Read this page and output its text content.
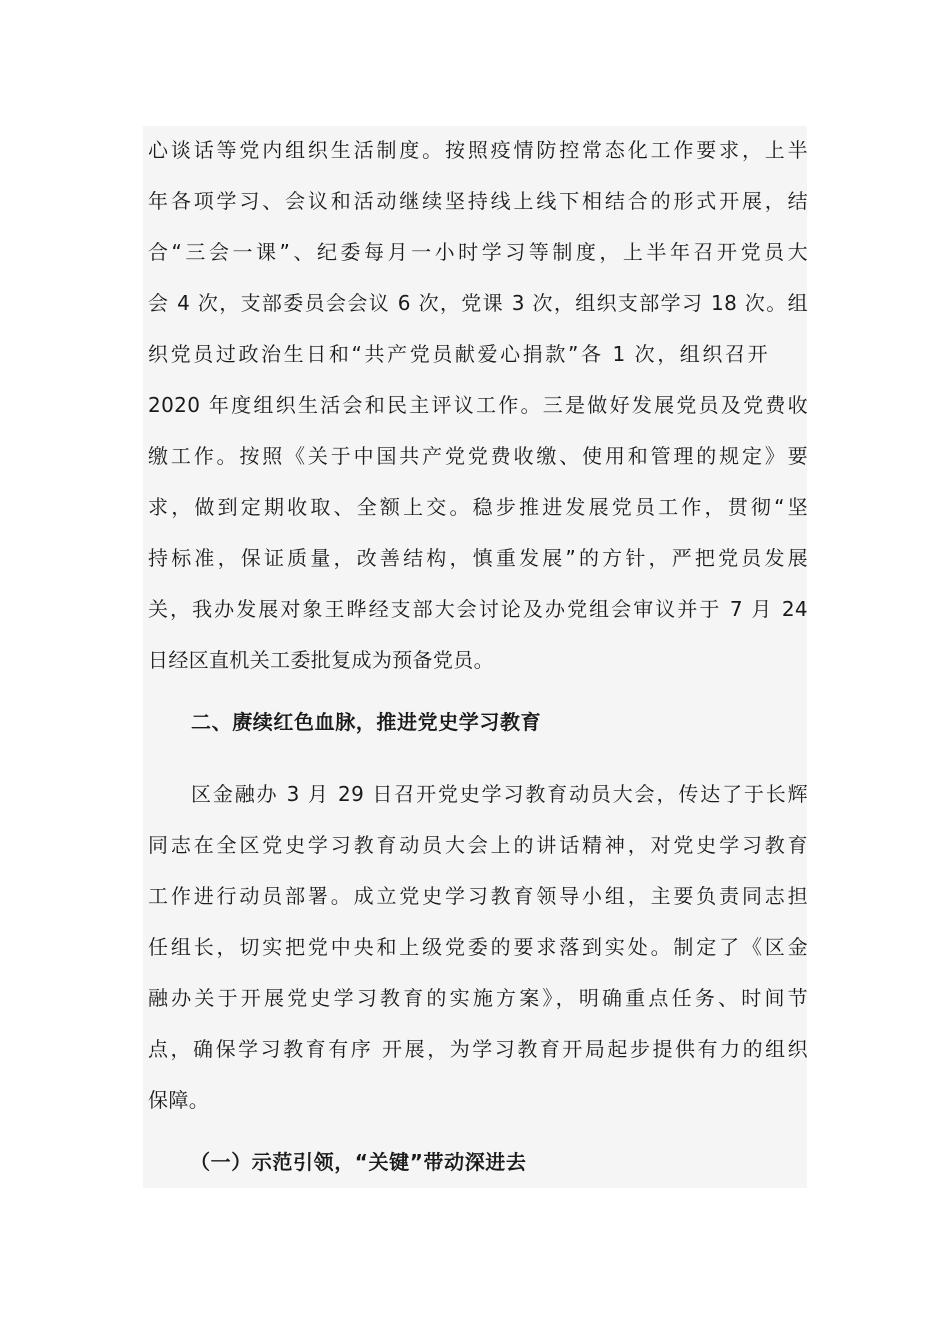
心谈话等党内组织生活制度。按照疫情防控常态化工作要求，上半
年各项学习、会议和活动继续坚持线上线下相结合的形式开展，结
合“三会一课”、纪委每月一小时学习等制度，上半年召开党员大
会 4 次，支部委员会会议 6 次，党课 3 次，组织支部学习 18 次。组
织党员过政治生日和“共产党员献爱心捐款”各 1 次，组织召开
2020 年度组织生活会和民主评议工作。三是做好发展党员及党费收
缴工作。按照《关于中国共产党党费收缴、使用和管理的规定》要
求，做到定期收取、全额上交。稳步推进发展党员工作，贯彻“坚
持标准，保证质量，改善结构，慎重发展”的方针，严把党员发展
关，我办发展对象王晔经支部大会讨论及办党组会审议并于 7 月 24
日经区直机关工委批复成为预备党员。
二、赓续红色血脉，推进党史学习教育
区金融办 3 月 29 日召开党史学习教育动员大会，传达了于长辉
同志在全区党史学习教育动员大会上的讲话精神，对党史学习教育
工作进行动员部署。成立党史学习教育领导小组，主要负责同志担
任组长，切实把党中央和上级党委的要求落到实处。制定了《区金
融办关于开展党史学习教育的实施方案》，明确重点任务、时间节
点，确保学习教育有序 开展，为学习教育开局起步提供有力的组织
保障。
（一）示范引领，“关键”带动深进去
